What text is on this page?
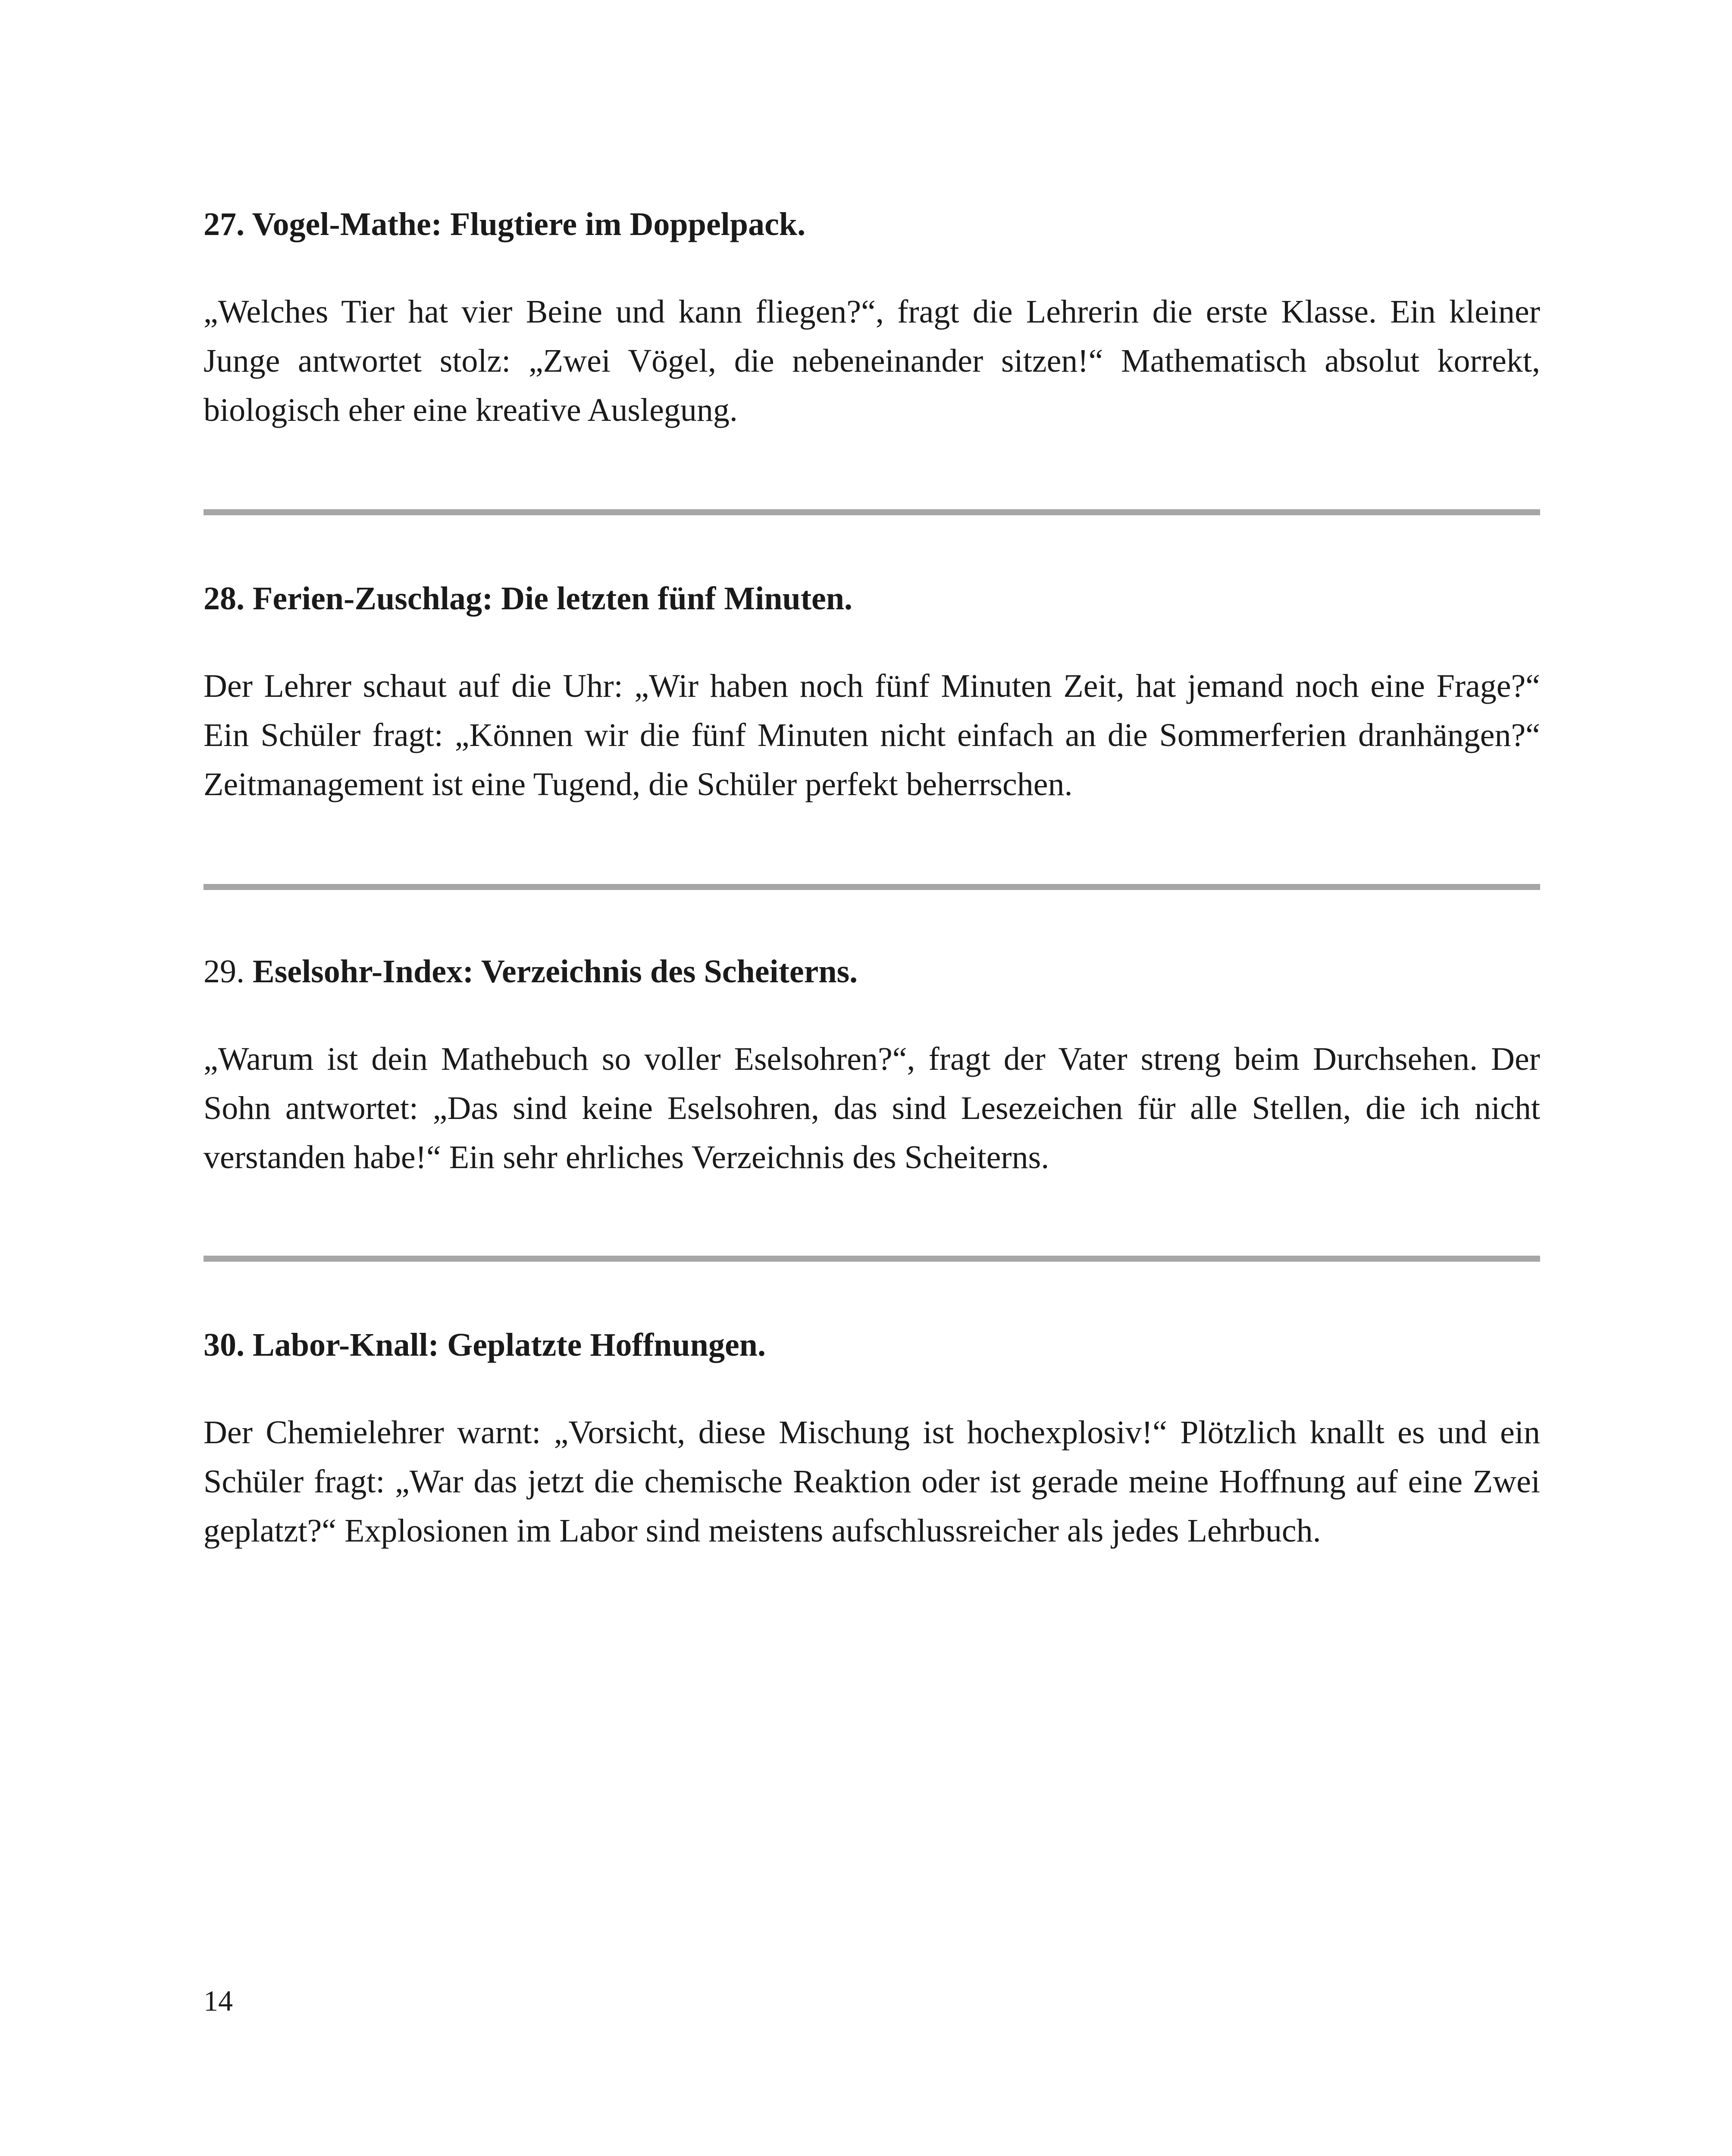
27. Vogel-Mathe: Flugtiere im Doppelpack.

„Welches Tier hat vier Beine und kann fliegen?“, fragt die Lehrerin die erste Klasse. Ein kleiner Junge antwortet stolz: „Zwei Vögel, die nebeneinander sitzen!“ Mathematisch absolut korrekt, biologisch eher eine kreative Auslegung.

28. Ferien-Zuschlag: Die letzten fünf Minuten.

Der Lehrer schaut auf die Uhr: „Wir haben noch fünf Minuten Zeit, hat jemand noch eine Frage?“ Ein Schüler fragt: „Können wir die fünf Minuten nicht einfach an die Sommerferien dranhängen?“ Zeitmanagement ist eine Tugend, die Schüler perfekt beherrschen.

29. Eselsohr-Index: Verzeichnis des Scheiterns.

„Warum ist dein Mathebuch so voller Eselsohren?“, fragt der Vater streng beim Durchsehen. Der Sohn antwortet: „Das sind keine Eselsohren, das sind Lesezeichen für alle Stellen, die ich nicht verstanden habe!“ Ein sehr ehrliches Verzeichnis des Scheiterns.

30. Labor-Knall: Geplatzte Hoffnungen.

Der Chemielehrer warnt: „Vorsicht, diese Mischung ist hochexplosiv!“ Plötzlich knallt es und ein Schüler fragt: „War das jetzt die chemische Reaktion oder ist gerade meine Hoffnung auf eine Zwei geplatzt?“ Explosionen im Labor sind meistens aufschlussreicher als jedes Lehrbuch.

14
